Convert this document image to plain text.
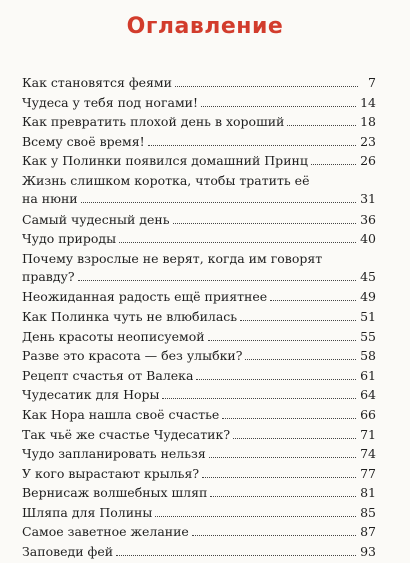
Оглавление
Как становятся феями	7
Чудеса у тебя под ногами!	14
Как превратить плохой день в хороший	18
Всему своё время!	23
Как у Полинки появился домашний Принц	26
Жизнь слишком коротка, чтобы тратить её
на нюни	31
Самый чудесный день	36
Чудо природы	40
Почему взрослые не верят, когда им говорят
правду?	45
Неожиданная радость ещё приятнее	49
Как Полинка чуть не влюбилась	51
День красоты неописуемой	55
Разве это красота — без улыбки?	58
Рецепт счастья от Валека	61
Чудесатик для Норы	64
Как Нора нашла своё счастье	66
Так чьё же счастье Чудесатик?	71
Чудо запланировать нельзя	74
У кого вырастают крылья?	77
Вернисаж волшебных шляп	81
Шляпа для Полины	85
Самое заветное желание	87
Заповеди фей	93
